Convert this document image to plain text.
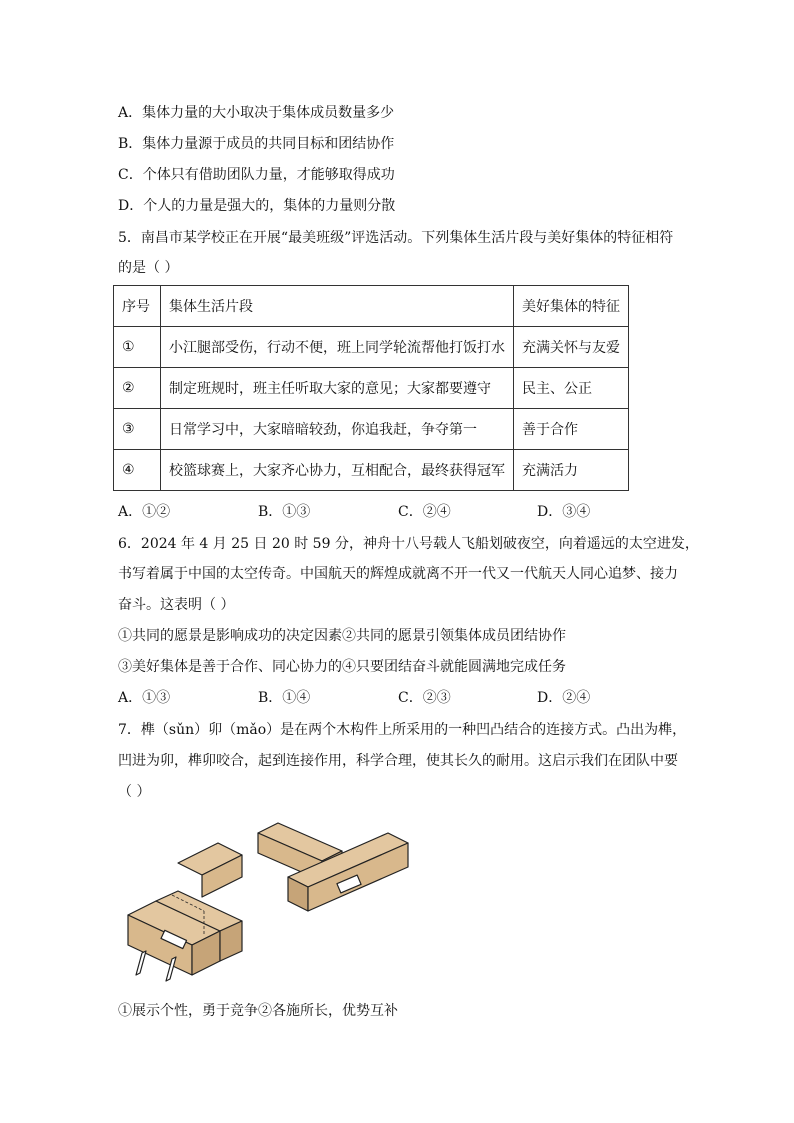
A．集体力量的大小取决于集体成员数量多少
B．集体力量源于成员的共同目标和团结协作
C．个体只有借助团队力量，才能够取得成功
D．个人的力量是强大的，集体的力量则分散
5．南昌市某学校正在开展“最美班级”评选活动。下列集体生活片段与美好集体的特征相符
的是（ ）
序号	集体生活片段	美好集体的特征
①	小江腿部受伤，行动不便，班上同学轮流帮他打饭打水	充满关怀与友爱
②	制定班规时，班主任听取大家的意见；大家都要遵守	民主、公正
③	日常学习中，大家暗暗较劲，你追我赶，争夺第一	善于合作
④	校篮球赛上，大家齐心协力，互相配合，最终获得冠军	充满活力
A．①②	B．①③	C．②④	D．③④
6．2024 年 4 月 25 日 20 时 59 分，神舟十八号载人飞船划破夜空，向着遥远的太空进发，
书写着属于中国的太空传奇。中国航天的辉煌成就离不开一代又一代航天人同心追梦、接力
奋斗。这表明（ ）
①共同的愿景是影响成功的决定因素②共同的愿景引领集体成员团结协作
③美好集体是善于合作、同心协力的④只要团结奋斗就能圆满地完成任务
A．①③	B．①④	C．②③	D．②④
7．榫（sǔn）卯（mǎo）是在两个木构件上所采用的一种凹凸结合的连接方式。凸出为榫，
凹进为卯，榫卯咬合，起到连接作用，科学合理，使其长久的耐用。这启示我们在团队中要
（ ）
①展示个性，勇于竞争②各施所长，优势互补
